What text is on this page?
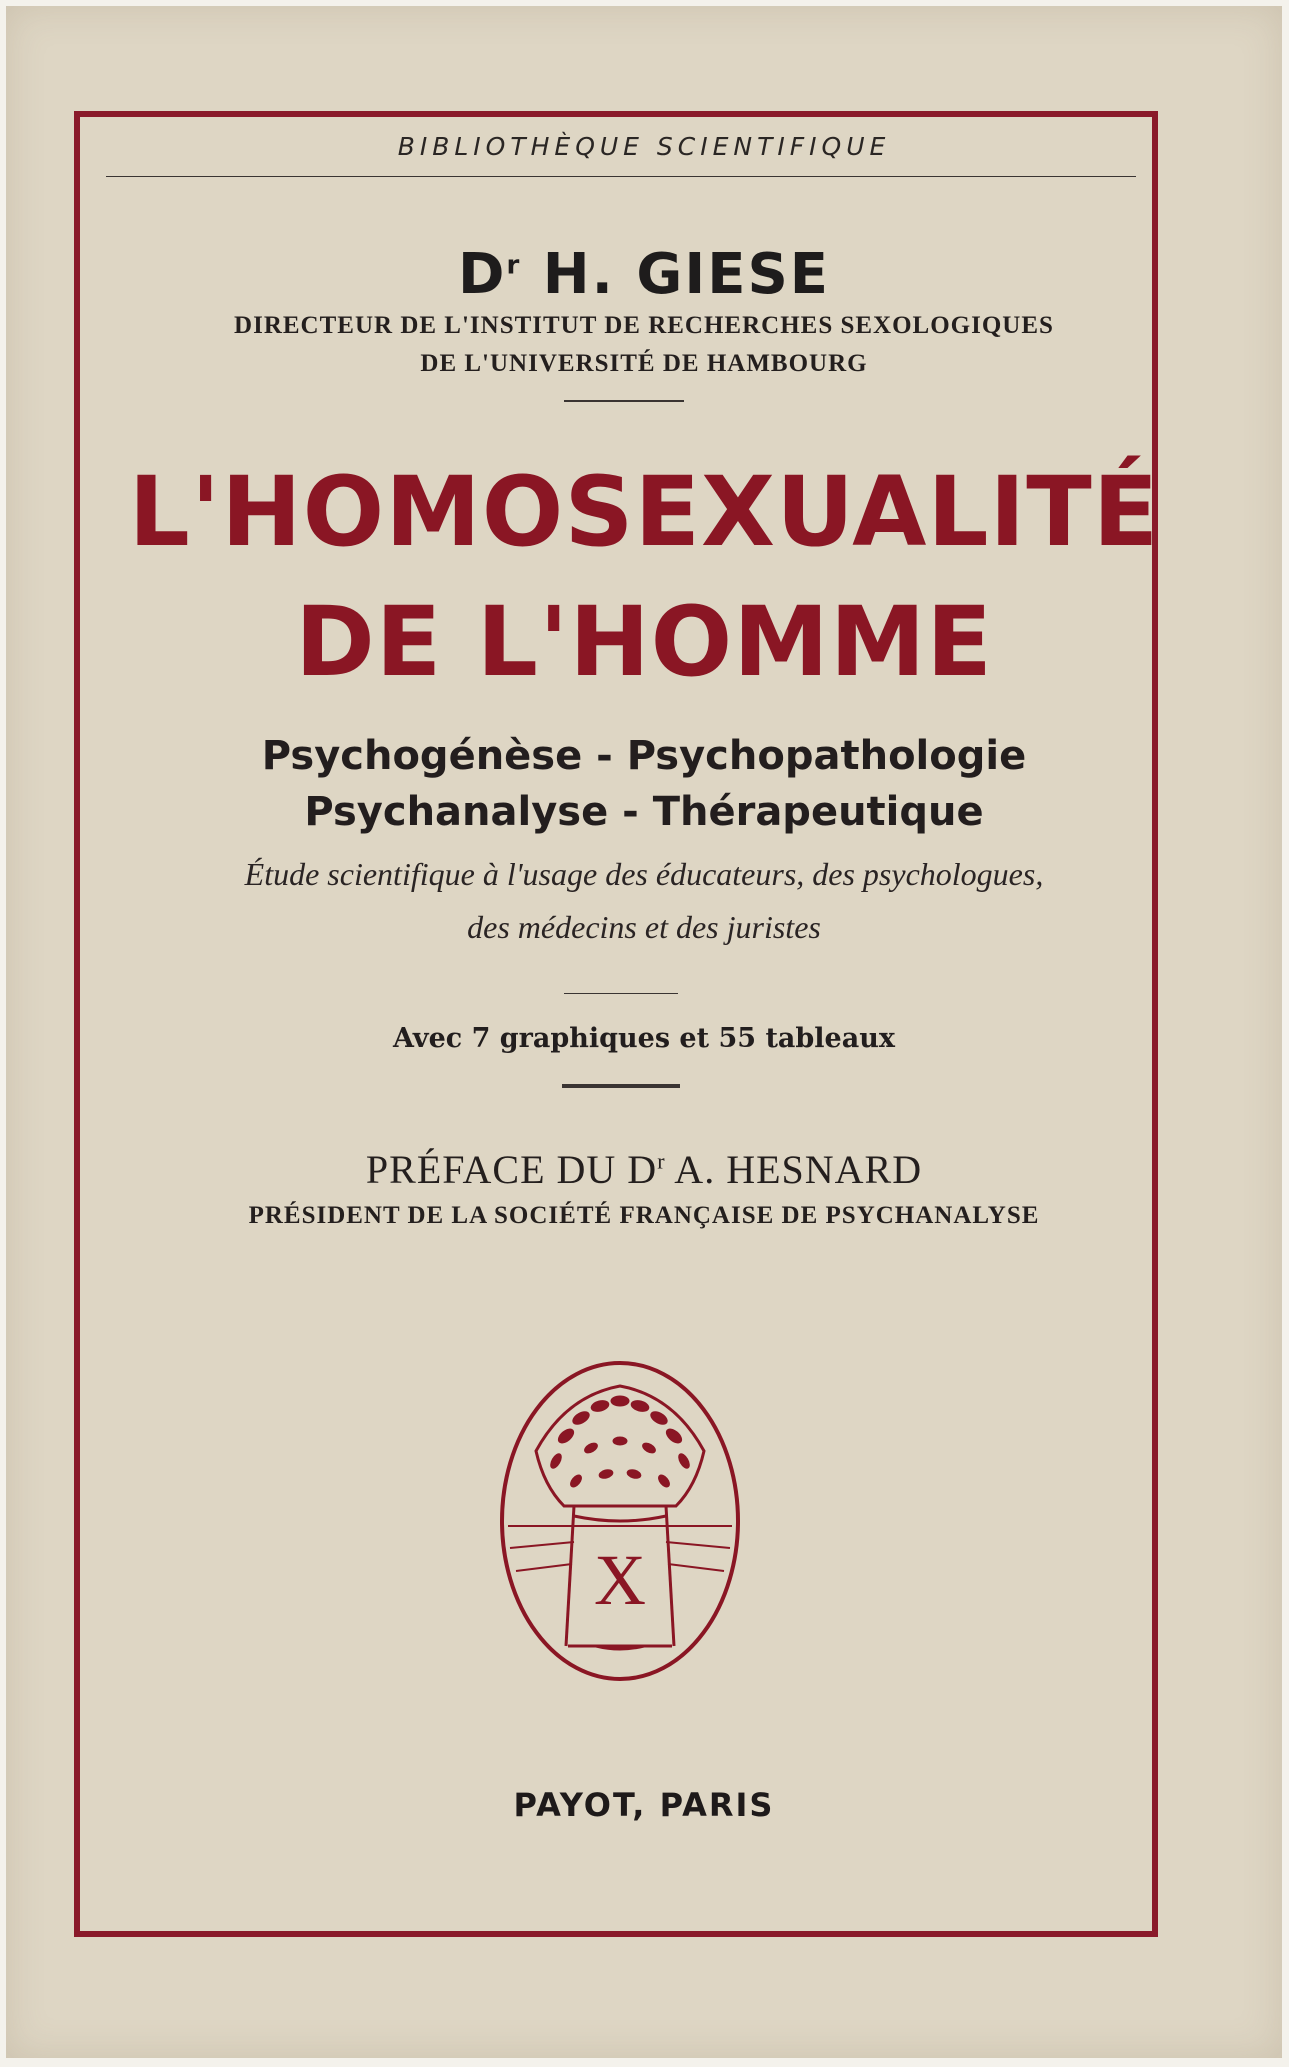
BIBLIOTHÈQUE SCIENTIFIQUE
$D^r$ H. GIESE
DIRECTEUR DE L'INSTITUT DE RECHERCHES SEXOLOGIQUES
DE L'UNIVERSITÉ DE HAMBOURG
L'HOMOSEXUALITÉ
DE L'HOMME
Psychogénèse - Psychopathologie
Psychanalyse - Thérapeutique
Étude scientifique à l'usage des éducateurs, des psychologues,
des médecins et des juristes
Avec 7 graphiques et 55 tableaux
PRÉFACE DU $D^r$ A. HESNARD
PRÉSIDENT DE LA SOCIÉTÉ FRANÇAISE DE PSYCHANALYSE
X
PAYOT, PARIS
